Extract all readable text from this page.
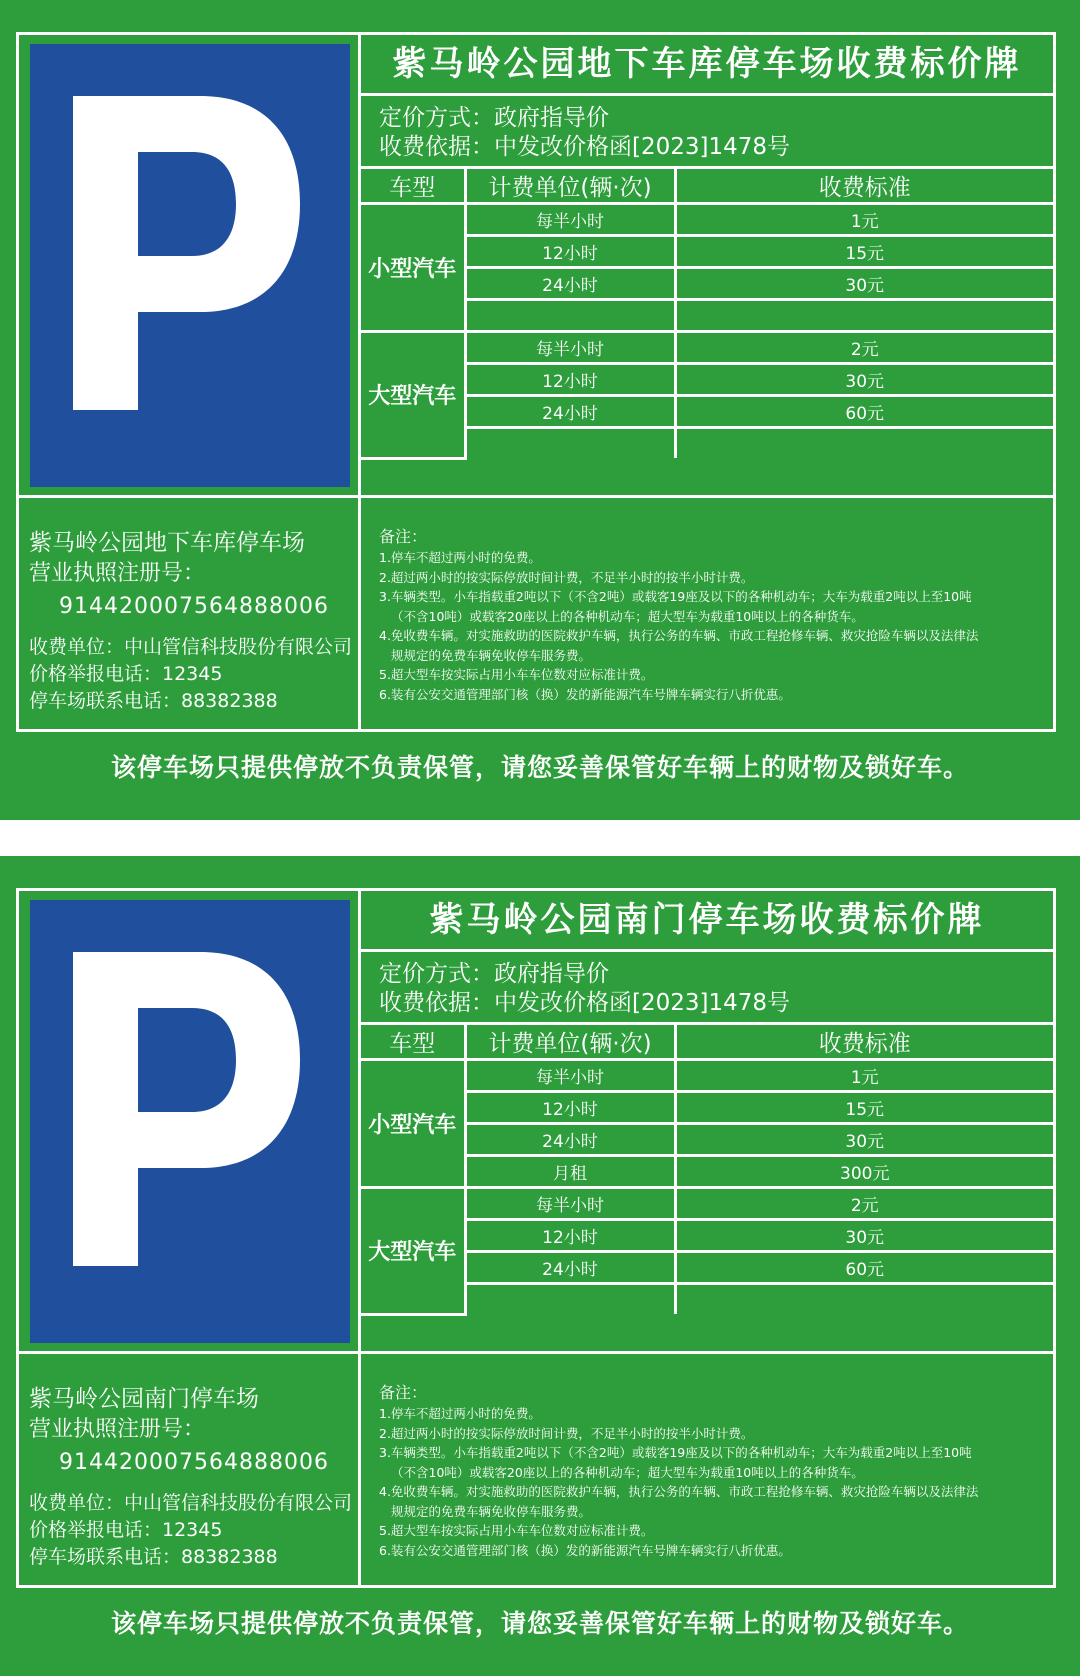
紫马岭公园地下车库停车场收费标价牌
定价方式：政府指导价
收费依据：中发改价格函[2023]1478号
车型	计费单位(辆·次)	收费标准
小型汽车	每半小时	1元
	12小时	15元
	24小时	30元

大型汽车	每半小时	2元
	12小时	30元
	24小时	60元

紫马岭公园地下车库停车场
营业执照注册号：
91442000756488800​6
收费单位：中山管信科技股份有限公司
价格举报电话：12345
停车场联系电话：88382388
备注：
1.停车不超过两小时的免费。
2.超过两小时的按实际停放时间计费，不足半小时的按半小时计费。
3.车辆类型。小车指载重2吨以下（不含2吨）或载客19座及以下的各种机动车；大车为载重2吨以上至10吨
（不含10吨）或载客20座以上的各种机动车；超大型车为载重10吨以上的各种货车。
4.免收费车辆。对实施救助的医院救护车辆，执行公务的车辆、市政工程抢修车辆、救灾抢险车辆以及法律法
规规定的免费车辆免收停车服务费。
5.超大型车按实际占用小车车位数对应标准计费。
6.装有公安交通管理部门核（换）发的新能源汽车号牌车辆实行八折优惠。
该停车场只提供停放不负责保管，请您妥善保管好车辆上的财物及锁好车。
紫马岭公园南门停车场收费标价牌
定价方式：政府指导价
收费依据：中发改价格函[2023]1478号
车型	计费单位(辆·次)	收费标准
小型汽车	每半小时	1元
	12小时	15元
	24小时	30元
	月租	300元
大型汽车	每半小时	2元
	12小时	30元
	24小时	60元

紫马岭公园南门停车场
营业执照注册号：
914420007564888006
收费单位：中山管信科技股份有限公司
价格举报电话：12345
停车场联系电话：88382388
备注：
1.停车不超过两小时的免费。
2.超过两小时的按实际停放时间计费，不足半小时的按半小时计费。
3.车辆类型。小车指载重2吨以下（不含2吨）或载客19座及以下的各种机动车；大车为载重2吨以上至10吨
（不含10吨）或载客20座以上的各种机动车；超大型车为载重10吨以上的各种货车。
4.免收费车辆。对实施救助的医院救护车辆，执行公务的车辆、市政工程抢修车辆、救灾抢险车辆以及法律法
规规定的免费车辆免收停车服务费。
5.超大型车按实际占用小车车位数对应标准计费。
6.装有公安交通管理部门核（换）发的新能源汽车号牌车辆实行八折优惠。
该停车场只提供停放不负责保管，请您妥善保管好车辆上的财物及锁好车。
